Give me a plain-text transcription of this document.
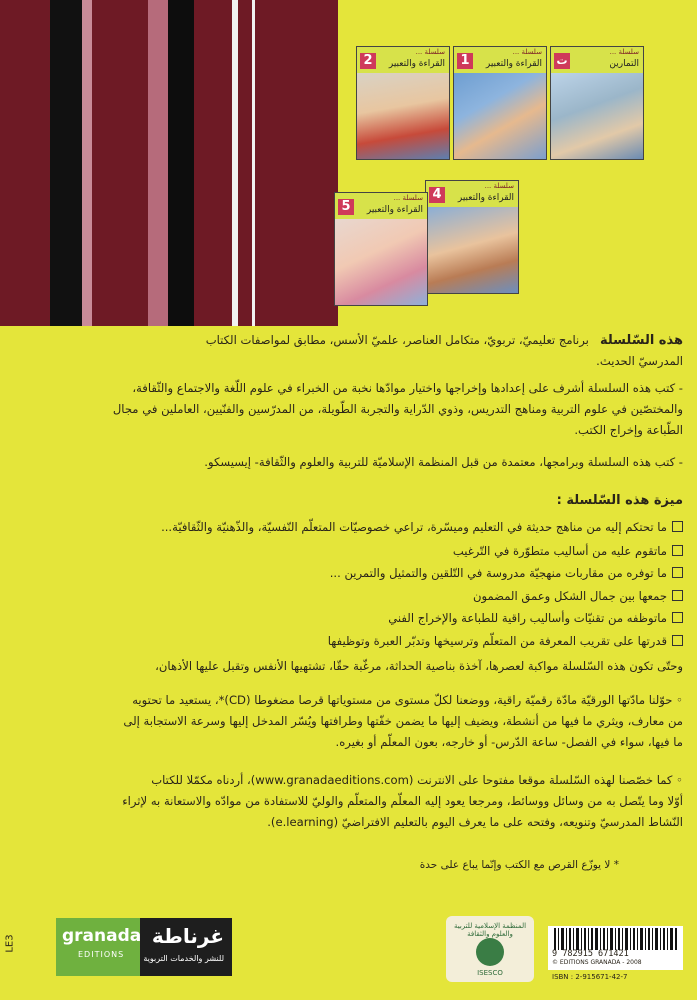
سلسلة ...
التمارين
ت
سلسلة ...
القراءة والتعبير
1
سلسلة ...
القراءة والتعبير
2
سلسلة ...
القراءة والتعبير
4
سلسلة ...
القراءة والتعبير
5
هذه السّلسلة   برنامج تعليميّ، تربويّ، متكامل العناصر، علميّ الأسس، مطابق لمواصفات الكتاب
المدرسيّ الحديث.
- كتب هذه السلسلة أشرف على إعدادها وإخراجها واختيار موادّها نخبة من الخبراء في علوم اللّغة والاجتماع والثّقافة،
والمختصّين في علوم التربية ومناهج التدريس، وذوي الدّراية والتجربة الطّويلة، من المدرّسين والفنّيين، العاملين في مجال
الطّباعة وإخراج الكتب.
- كتب هذه السلسلة وبرامجها، معتمدة من قبل المنظمة الإسلاميّة للتربية والعلوم والثّقافة- إيسيسكو.
ميزة هذه السّلسلة :
ما تحتكم إليه من مناهج حديثة في التعليم وميسّرة، تراعي خصوصيّات المتعلّم النّفسيّة، والذّهنيّة والثّقافيّة...
ماتقوم عليه من أساليب متطوّرة في التّرغيب
ما توفره من مقاربات منهجيّة مدروسة في التّلقين والتمثيل والتمرين ...
جمعها بين جمال الشكل وعمق المضمون
ماتوظفه من تقنيّات وأساليب راقية للطباعة والإخراج الفني
قدرتها على تقريب المعرفة من المتعلّم وترسيخها وتدبّر العبرة وتوظيفها
وحتّى تكون هذه السّلسلة مواكبة لعصرها، آخذة بناصية الحداثة، مرغّبة حقّا، تشتهيها الأنفس وتقبل عليها الأذهان،
◦ حوّلنا مادّتها الورقيّة مادّة رقميّة راقية، ووضعنا لكلّ مستوى من مستوياتها قرصا مضغوطا (CD)*، يستعيد ما تحتويه
من معارف، ويثري ما فيها من أنشطة، ويضيف إليها ما يضمن خفّتها وطرافتها ويُسّر المدخل إليها وسرعة الاستجابة إلى
ما فيها، سواء في الفصل- ساعة الدّرس- أو خارجه، بعون المعلّم أو بغيره.
◦ كما خصّصنا لهذه السّلسلة موقعا مفتوحا على الانترنت (www.granadaeditions.com)، أردناه مكمّلا للكتاب
أوّلا وما يتّصل به من وسائل ووسائط، ومرجعا يعود إليه المعلّم والمتعلّم والوليّ للاستفادة من موادّه والاستعانة به لإثراء
النّشاط المدرسيّ وتنويعه، وفتحه على ما يعرف اليوم بالتعليم الافتراضيّ (e.learning).
* لا يوزّع القرص مع الكتب وإنّما يباع على حدة
LE3	granada
EDITIONS
غرناطة
للنشر والخدمات التربوية
المنظمة الإسلامية للتربية والعلوم والثقافة
ISESCO
9 782915 671421
© EDITIONS GRANADA - 2008
ISBN : 2-915671-42-7
